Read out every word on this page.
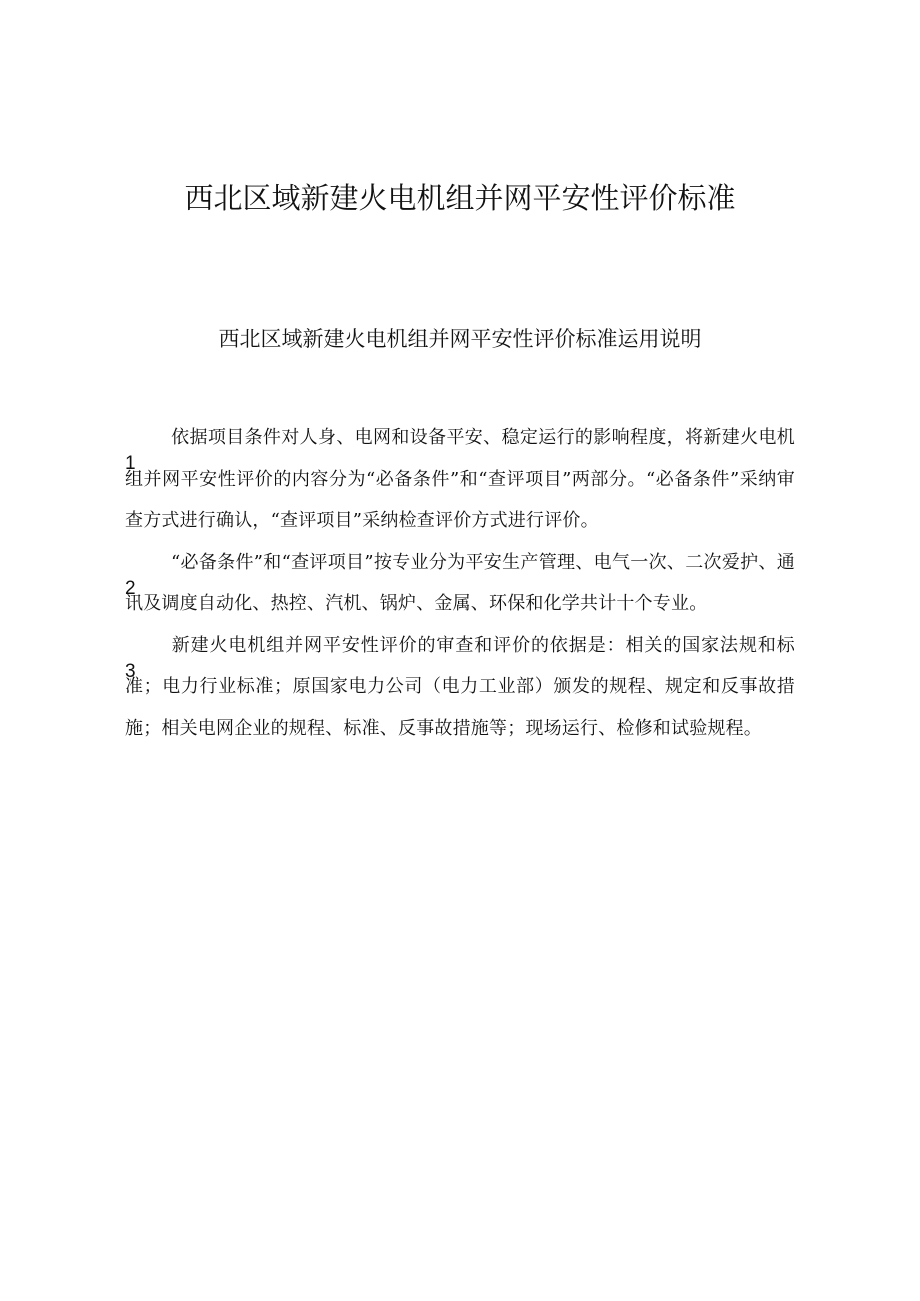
西北区域新建火电机组并网平安性评价标准
西北区域新建火电机组并网平安性评价标准运用说明

1
依据项目条件对人身、电网和设备平安、稳定运行的影响程度，将新建火电机组并网平安性评价的内容分为“必备条件”和“查评项目”两部分。“必备条件”采纳审查方式进行确认，“查评项目”采纳检查评价方式进行评价。

2
“必备条件”和“查评项目”按专业分为平安生产管理、电气一次、二次爱护、通讯及调度自动化、热控、汽机、锅炉、金属、环保和化学共计十个专业。

3
新建火电机组并网平安性评价的审查和评价的依据是：相关的国家法规和标准；电力行业标准；原国家电力公司（电力工业部）颁发的规程、规定和反事故措施；相关电网企业的规程、标准、反事故措施等；现场运行、检修和试验规程。
